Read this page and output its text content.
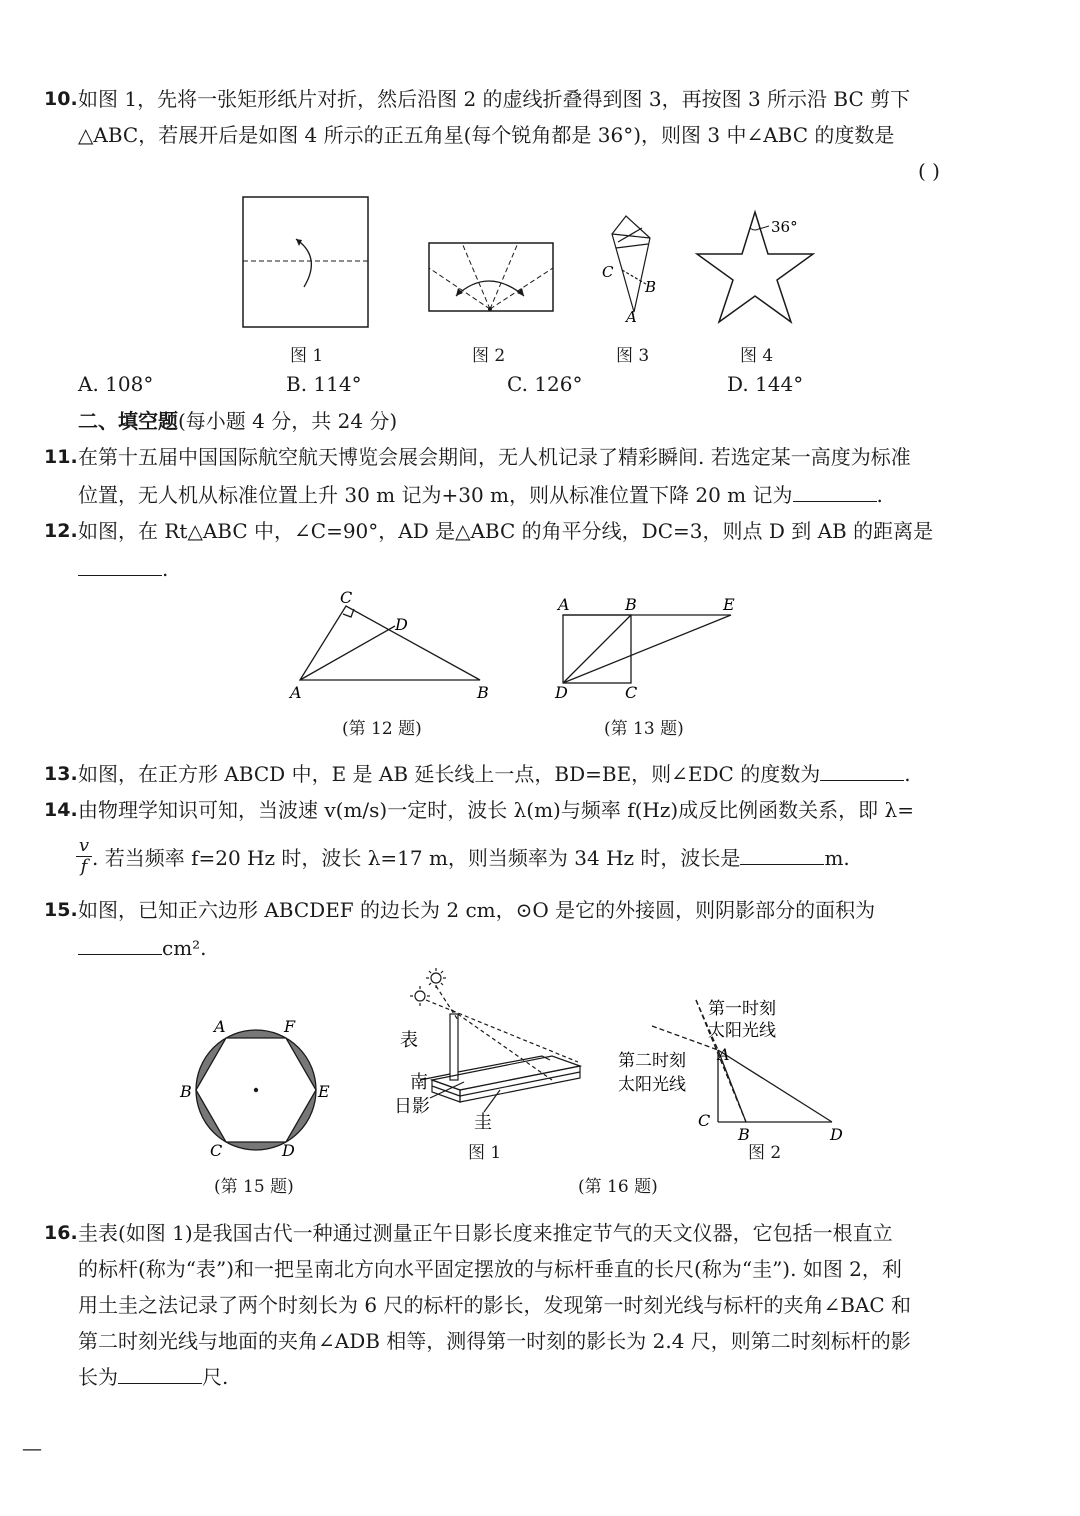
10. 如图 1，先将一张矩形纸片对折，然后沿图 2 的虚线折叠得到图 3，再按图 3 所示沿 BC 剪下
△ABC，若展开后是如图 4 所示的正五角星(每个锐角都是 36°)，则图 3 中∠ABC 的度数是
( )
图 1	图 2
C
B
A
图 3
36°
图 4
A. 108°	B. 114°	C. 126°	D. 144°
二、填空题(每小题 4 分，共 24 分)
11. 在第十五届中国国际航空航天博览会展会期间，无人机记录了精彩瞬间. 若选定某一高度为标准
位置，无人机从标准位置上升 30 m 记为+30 m，则从标准位置下降 20 m 记为	.
12. 如图，在 Rt△ABC 中，∠C=90°，AD 是△ABC 的角平分线，DC=3，则点 D 到 AB 的距离是
.
C
D
A	B
(第 12 题)
A	B	E
D	C
(第 13 题)
13. 如图，在正方形 ABCD 中，E 是 AB 延长线上一点，BD=BE，则∠EDC 的度数为	.
14. 由物理学知识可知，当波速 v(m/s)一定时，波长 λ(m)与频率 f(Hz)成反比例函数关系，即 λ=
$\frac{v}{f}$ . 若当频率 f=20 Hz 时，波长 λ=17 m，则当频率为 34 Hz 时，波长是	m.
15. 如图，已知正六边形 ABCDEF 的边长为 2 cm，⊙O 是它的外接圆，则阴影部分的面积为
cm².
A	F
B	E
C	D
(第 15 题)
表
南
日影
圭
图 1
第一时刻
太阳光线
第二时刻
太阳光线
A
C
B	D
图 2
(第 16 题)
16. 圭表(如图 1)是我国古代一种通过测量正午日影长度来推定节气的天文仪器，它包括一根直立
的标杆(称为“表”)和一把呈南北方向水平固定摆放的与标杆垂直的长尺(称为“圭”). 如图 2，利
用土圭之法记录了两个时刻长为 6 尺的标杆的影长，发现第一时刻光线与标杆的夹角∠BAC 和
第二时刻光线与地面的夹角∠ADB 相等，测得第一时刻的影长为 2.4 尺，则第二时刻标杆的影
长为	尺.
—
